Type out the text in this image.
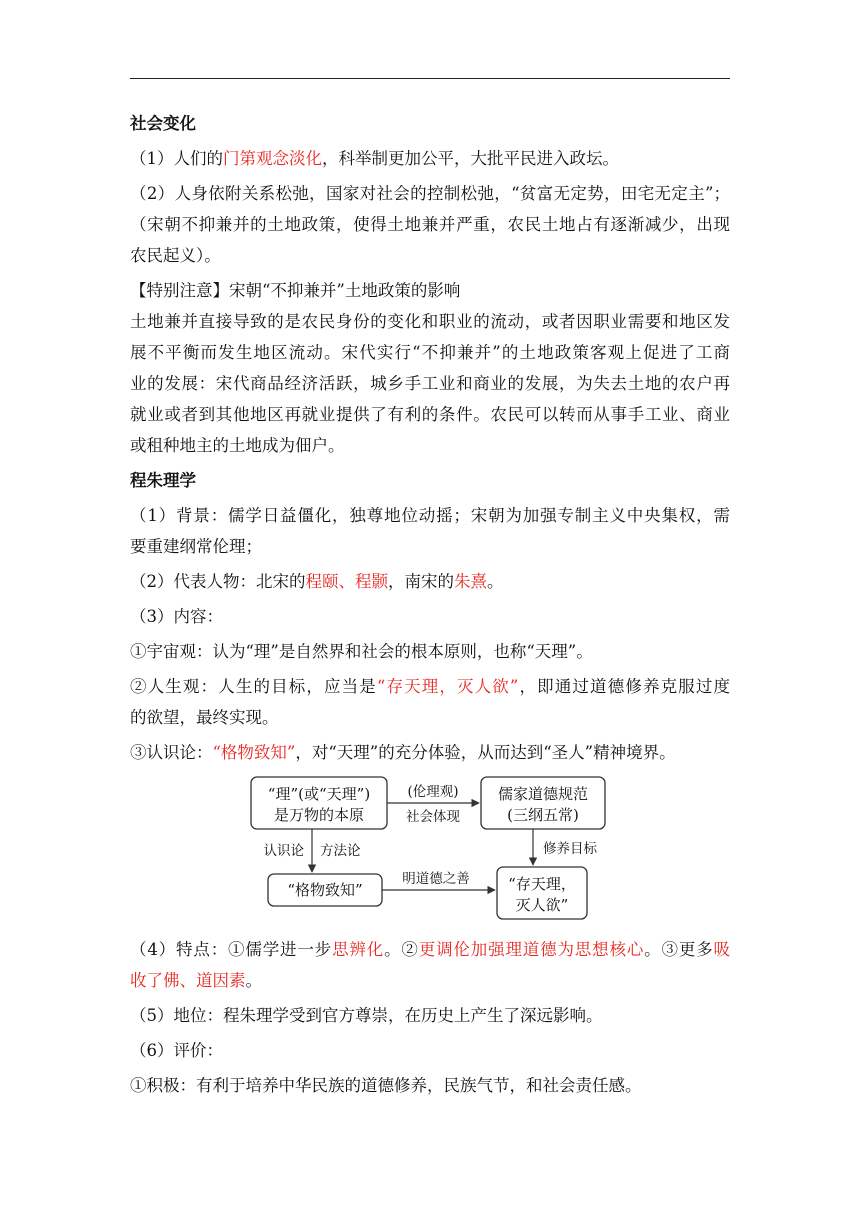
社会变化
（1）人们的门第观念淡化，科举制更加公平，大批平民进入政坛。
（2）人身依附关系松弛，国家对社会的控制松弛，“贫富无定势，田宅无定主”；
（宋朝不抑兼并的土地政策，使得土地兼并严重，农民土地占有逐渐减少，出现
农民起义）。
【特别注意】宋朝“不抑兼并”土地政策的影响
土地兼并直接导致的是农民身份的变化和职业的流动，或者因职业需要和地区发
展不平衡而发生地区流动。宋代实行“不抑兼并”的土地政策客观上促进了工商
业的发展：宋代商品经济活跃，城乡手工业和商业的发展，为失去土地的农户再
就业或者到其他地区再就业提供了有利的条件。农民可以转而从事手工业、商业
或租种地主的土地成为佃户。
程朱理学
（1）背景：儒学日益僵化，独尊地位动摇；宋朝为加强专制主义中央集权，需
要重建纲常伦理；
（2）代表人物：北宋的程颐、程颢，南宋的朱熹。
（3）内容：
①宇宙观：认为“理”是自然界和社会的根本原则，也称“天理”。
②人生观：人生的目标，应当是“存天理，灭人欲”，即通过道德修养克服过度
的欲望，最终实现。
③认识论：“格物致知”，对“天理”的充分体验，从而达到“圣人”精神境界。
“理”(或“天理”)
是万物的本原
儒家道德规范
(三纲五常)
“格物致知”	“存天理，
灭人欲”
(伦理观)
社会体现
认识论 方法论	修养目标
明道德之善
（4）特点：①儒学进一步思辨化。②更调伦加强理道德为思想核心。③更多吸
收了佛、道因素。
（5）地位：程朱理学受到官方尊崇，在历史上产生了深远影响。
（6）评价：
①积极：有利于培养中华民族的道德修养，民族气节，和社会责任感。
